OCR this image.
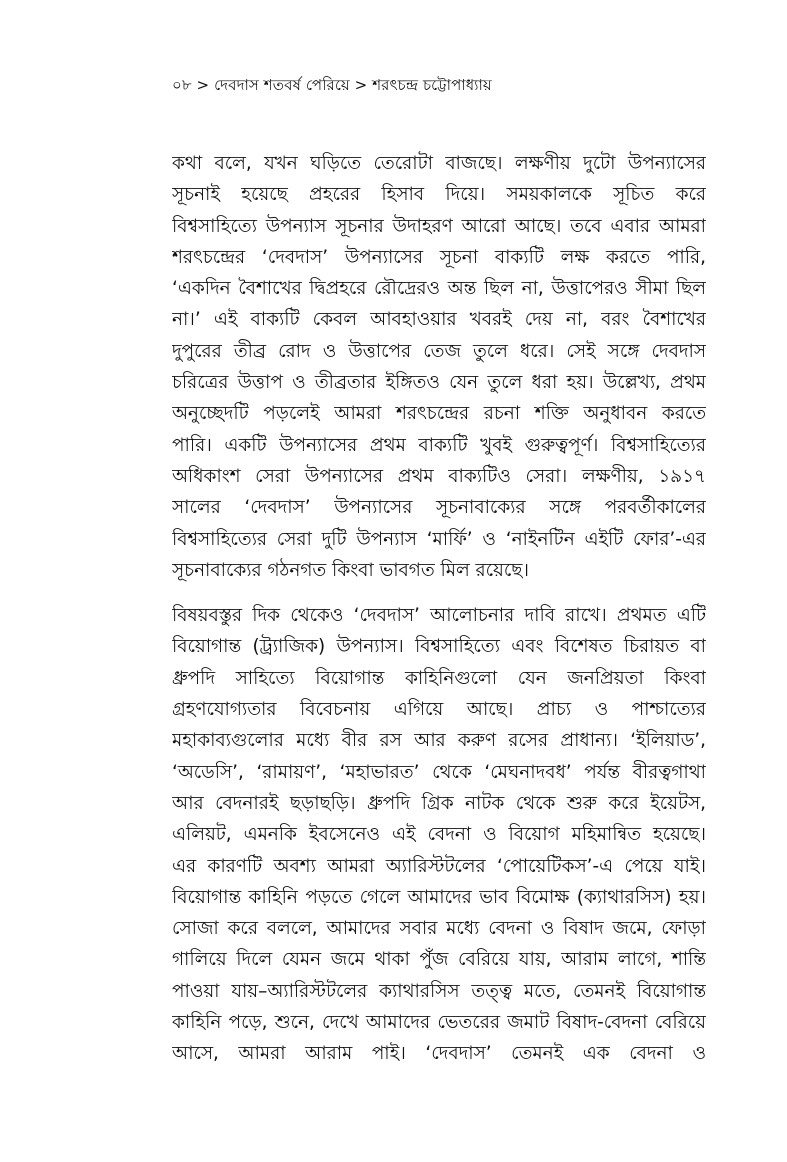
০৮ > দেবদাস শতবর্ষ পেরিয়ে > শরৎচন্দ্র চট্টোপাধ্যায়
কথা বলে, যখন ঘড়িতে তেরোটা বাজছে। লক্ষণীয় দুটো উপন্যাসের
সূচনাই হয়েছে প্রহরের হিসাব দিয়ে। সময়কালকে সূচিত করে
বিশ্বসাহিত্যে উপন্যাস সূচনার উদাহরণ আরো আছে। তবে এবার আমরা
শরৎচন্দ্রের ‘দেবদাস’ উপন্যাসের সূচনা বাক্যটি লক্ষ করতে পারি,
‘একদিন বৈশাখের দ্বিপ্রহরে রৌদ্রেরও অন্ত ছিল না, উত্তাপেরও সীমা ছিল
না।’ এই বাক্যটি কেবল আবহাওয়ার খবরই দেয় না, বরং বৈশাখের
দুপুরের তীব্র রোদ ও উত্তাপের তেজ তুলে ধরে। সেই সঙ্গে দেবদাস
চরিত্রের উত্তাপ ও তীব্রতার ইঙ্গিতও যেন তুলে ধরা হয়। উল্লেখ্য, প্রথম
অনুচ্ছেদটি পড়লেই আমরা শরৎচন্দ্রের রচনা শক্তি অনুধাবন করতে
পারি। একটি উপন্যাসের প্রথম বাক্যটি খুবই গুরুত্বপূর্ণ। বিশ্বসাহিত্যের
অধিকাংশ সেরা উপন্যাসের প্রথম বাক্যটিও সেরা। লক্ষণীয়, ১৯১৭
সালের ‘দেবদাস’ উপন্যাসের সূচনাবাক্যের সঙ্গে পরবর্তীকালের
বিশ্বসাহিত্যের সেরা দুটি উপন্যাস ‘মার্ফি’ ও ‘নাইনটিন এইটি ফোর’-এর
সূচনাবাক্যের গঠনগত কিংবা ভাবগত মিল রয়েছে।
বিষয়বস্তুর দিক থেকেও ‘দেবদাস’ আলোচনার দাবি রাখে। প্রথমত এটি
বিয়োগান্ত (ট্র্যাজিক) উপন্যাস। বিশ্বসাহিত্যে এবং বিশেষত চিরায়ত বা
ধ্রুপদি সাহিত্যে বিয়োগান্ত কাহিনিগুলো যেন জনপ্রিয়তা কিংবা
গ্রহণযোগ্যতার বিবেচনায় এগিয়ে আছে। প্রাচ্য ও পাশ্চাত্যের
মহাকাব্যগুলোর মধ্যে বীর রস আর করুণ রসের প্রাধান্য। ‘ইলিয়াড’,
‘অডেসি’, ‘রামায়ণ’, ‘মহাভারত’ থেকে ‘মেঘনাদবধ’ পর্যন্ত বীরত্বগাথা
আর বেদনারই ছড়াছড়ি। ধ্রুপদি গ্রিক নাটক থেকে শুরু করে ইয়েটস,
এলিয়ট, এমনকি ইবসেনেও এই বেদনা ও বিয়োগ মহিমান্বিত হয়েছে।
এর কারণটি অবশ্য আমরা অ্যারিস্টটলের ‘পোয়েটিকস’-এ পেয়ে যাই।
বিয়োগান্ত কাহিনি পড়তে গেলে আমাদের ভাব বিমোক্ষ (ক্যাথারসিস) হয়।
সোজা করে বললে, আমাদের সবার মধ্যে বেদনা ও বিষাদ জমে, ফোড়া
গালিয়ে দিলে যেমন জমে থাকা পুঁজ বেরিয়ে যায়, আরাম লাগে, শান্তি
পাওয়া যায়–অ্যারিস্টটলের ক্যাথারসিস তত্ত্ব মতে, তেমনই বিয়োগান্ত
কাহিনি পড়ে, শুনে, দেখে আমাদের ভেতরের জমাট বিষাদ-বেদনা বেরিয়ে
আসে, আমরা আরাম পাই। ‘দেবদাস’ তেমনই এক বেদনা ও
